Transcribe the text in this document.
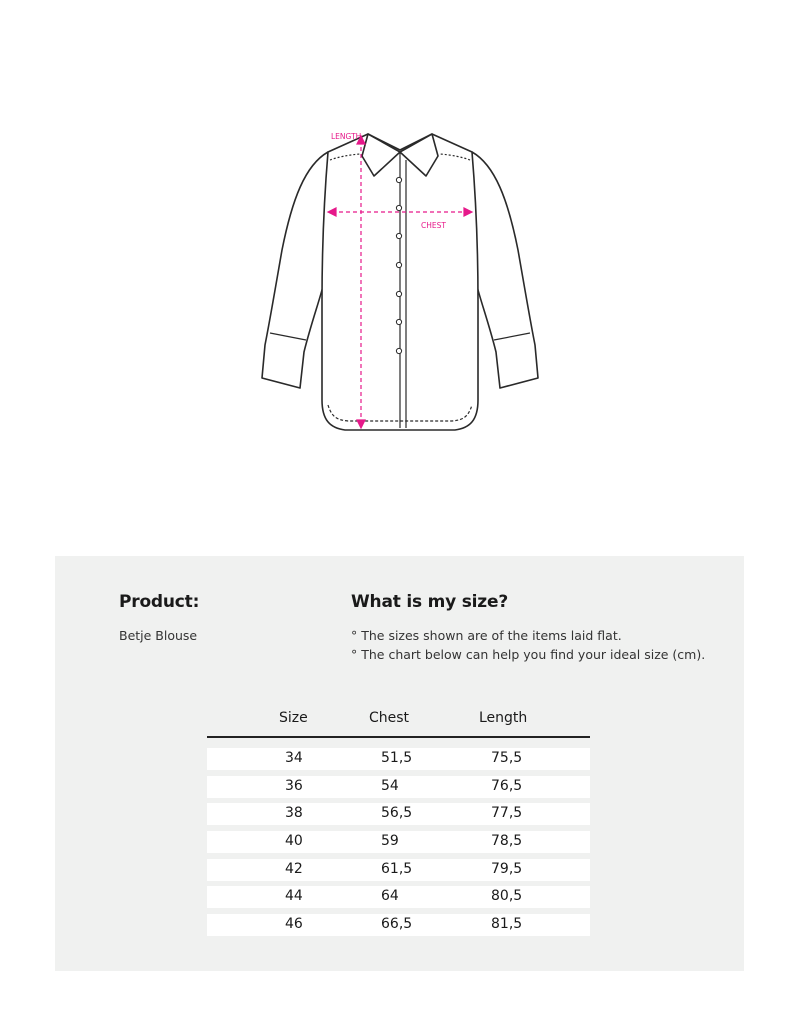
LENGTH
CHEST
Product:
Betje Blouse
What is my size?
° The sizes shown are of the items laid flat.
° The chart below can help you find your ideal size (cm).
Size	Chest	Length
34	51,5	75,5
36	54	76,5
38	56,5	77,5
40	59	78,5
42	61,5	79,5
44	64	80,5
46	66,5	81,5
